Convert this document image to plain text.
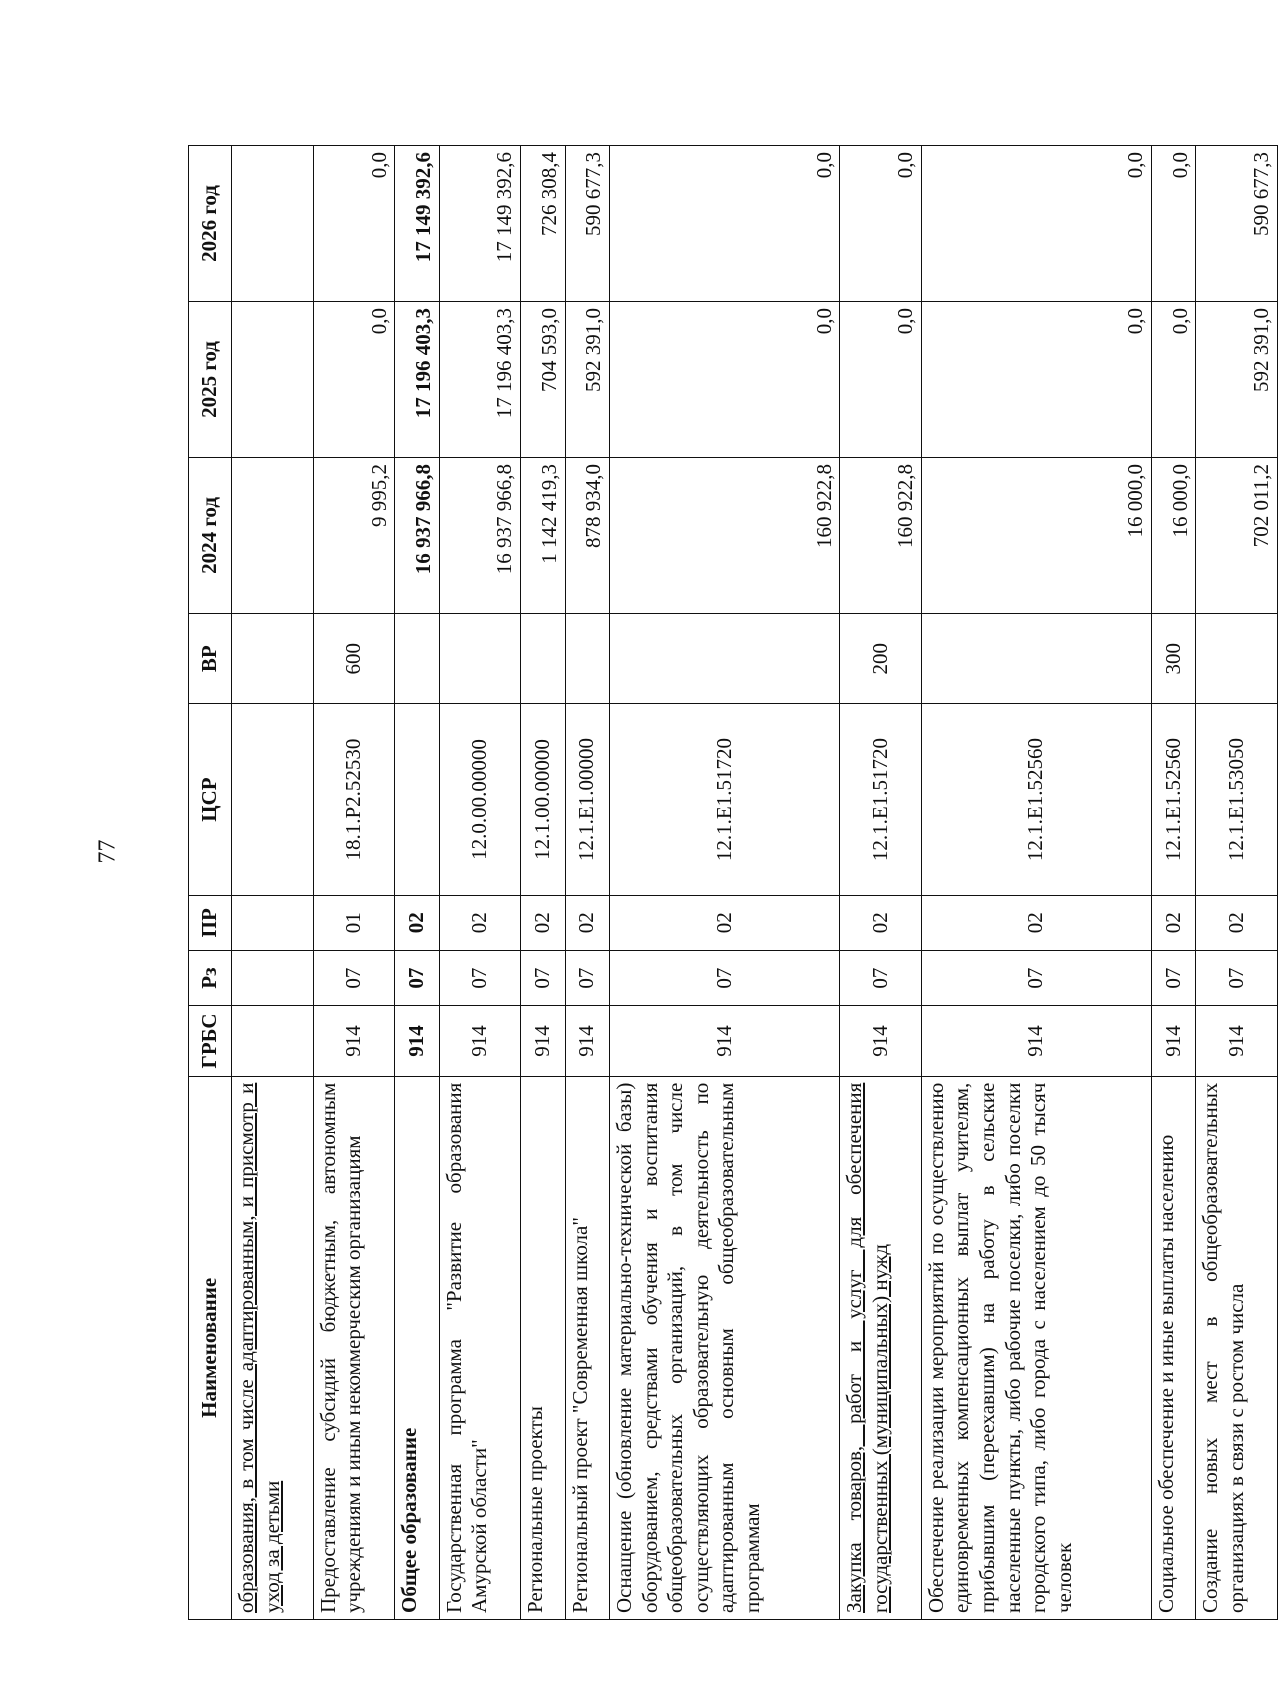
77
Наименование	ГРБС	Рз	ПР	ЦСР	ВР	2024 год	2025 год	2026 год
образования, в том числе адаптированным, и присмотр и уход за детьми								
Предоставление субсидий бюджетным, автономным учреждениям и иным некоммерческим организациям	914	07	01	18.1.Р2.52530	600	9 995,2	0,0	0,0
Общее образование	914	07	02			16 937 966,8	17 196 403,3	17 149 392,6
Государственная программа "Развитие образования Амурской области"	914	07	02	12.0.00.00000		16 937 966,8	17 196 403,3	17 149 392,6
Региональные проекты	914	07	02	12.1.00.00000		1 142 419,3	704 593,0	726 308,4
Региональный проект "Современная школа"	914	07	02	12.1.Е1.00000		878 934,0	592 391,0	590 677,3
Оснащение (обновление материально-технической базы) оборудованием, средствами обучения и воспитания общеобразовательных организаций, в том числе осуществляющих образовательную деятельность по адаптированным основным общеобразовательным программам	914	07	02	12.1.Е1.51720		160 922,8	0,0	0,0
Закупка товаров, работ и услуг для обеспечения государственных (муниципальных) нужд	914	07	02	12.1.Е1.51720	200	160 922,8	0,0	0,0
Обеспечение реализации мероприятий по осуществлению единовременных компенсационных выплат учителям, прибывшим (переехавшим) на работу в сельские населенные пункты, либо рабочие поселки, либо поселки городского типа, либо города с населением до 50 тысяч человек	914	07	02	12.1.Е1.52560		16 000,0	0,0	0,0
Социальное обеспечение и иные выплаты населению	914	07	02	12.1.Е1.52560	300	16 000,0	0,0	0,0
Создание новых мест в общеобразовательных организациях в связи с ростом числа	914	07	02	12.1.Е1.53050		702 011,2	592 391,0	590 677,3
